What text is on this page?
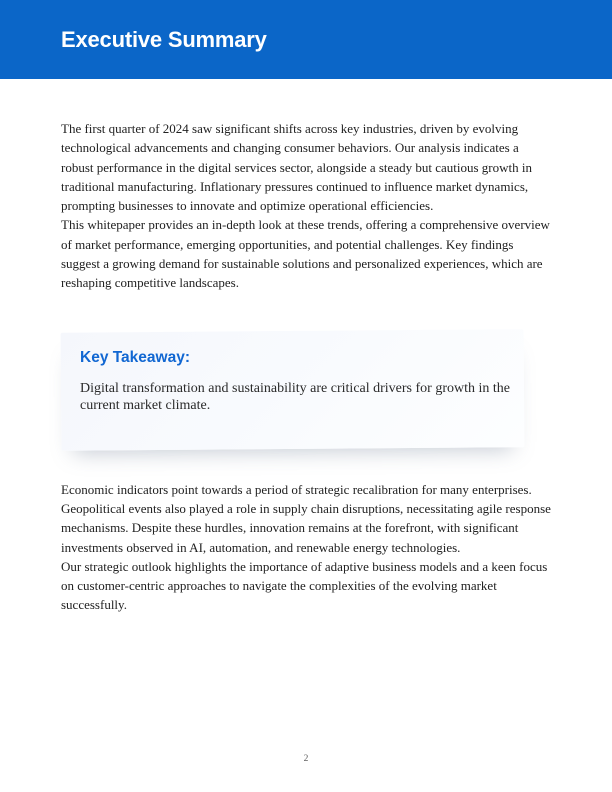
Executive Summary

The first quarter of 2024 saw significant shifts across key industries, driven by evolving technological advancements and changing consumer behaviors. Our analysis indicates a robust performance in the digital services sector, alongside a steady but cautious growth in traditional manufacturing. Inflationary pressures continued to influence market dynamics, prompting businesses to innovate and optimize operational efficiencies.

This whitepaper provides an in-depth look at these trends, offering a comprehensive overview of market performance, emerging opportunities, and potential challenges. Key findings suggest a growing demand for sustainable solutions and personalized experiences, which are reshaping competitive landscapes.

Key Takeaway:

Digital transformation and sustainability are critical drivers for growth in the current market climate.

Economic indicators point towards a period of strategic recalibration for many enterprises. Geopolitical events also played a role in supply chain disruptions, necessitating agile response mechanisms. Despite these hurdles, innovation remains at the forefront, with significant investments observed in AI, automation, and renewable energy technologies.

Our strategic outlook highlights the importance of adaptive business models and a keen focus on customer-centric approaches to navigate the complexities of the evolving market successfully.

2
